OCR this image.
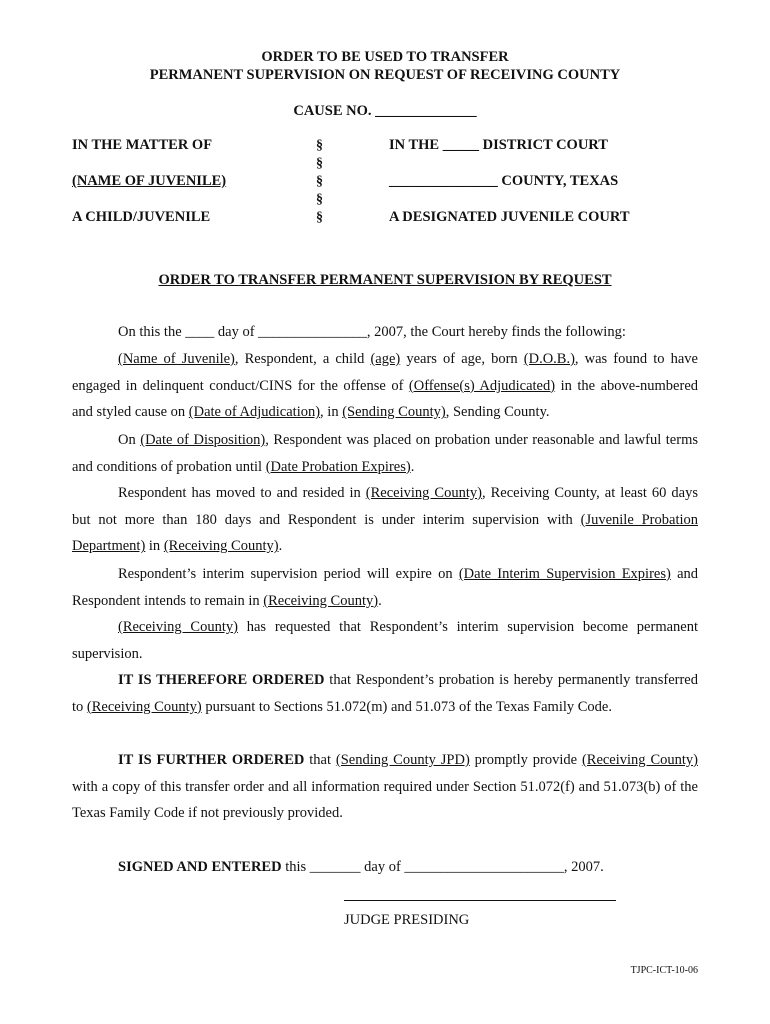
ORDER TO BE USED TO TRANSFER
PERMANENT SUPERVISION ON REQUEST OF RECEIVING COUNTY
CAUSE NO. ______________
IN THE MATTER OF
(NAME OF JUVENILE)
A CHILD/JUVENILE
§
§
§
§
§
IN THE _____ DISTRICT COURT
_______________ COUNTY, TEXAS
A DESIGNATED JUVENILE COURT
ORDER TO TRANSFER PERMANENT SUPERVISION BY REQUEST
On this the ____ day of _______________, 2007, the Court hereby finds the following:
(Name of Juvenile), Respondent, a child (age) years of age, born (D.O.B.), was found to have engaged in delinquent conduct/CINS for the offense of (Offense(s) Adjudicated) in the above-numbered and styled cause on (Date of Adjudication), in (Sending County), Sending County.
On (Date of Disposition), Respondent was placed on probation under reasonable and lawful terms and conditions of probation until (Date Probation Expires).
Respondent has moved to and resided in (Receiving County), Receiving County, at least 60 days but not more than 180 days and Respondent is under interim supervision with (Juvenile Probation Department) in (Receiving County).
Respondent’s interim supervision period will expire on (Date Interim Supervision Expires) and Respondent intends to remain in (Receiving County).
(Receiving County) has requested that Respondent’s interim supervision become permanent supervision.
IT IS THEREFORE ORDERED that Respondent’s probation is hereby permanently transferred to (Receiving County) pursuant to Sections 51.072(m) and 51.073 of the Texas Family Code.
IT IS FURTHER ORDERED that (Sending County JPD) promptly provide (Receiving County) with a copy of this transfer order and all information required under Section 51.072(f) and 51.073(b) of the Texas Family Code if not previously provided.
SIGNED AND ENTERED this _______ day of ______________________, 2007.
JUDGE PRESIDING
TJPC-ICT-10-06
